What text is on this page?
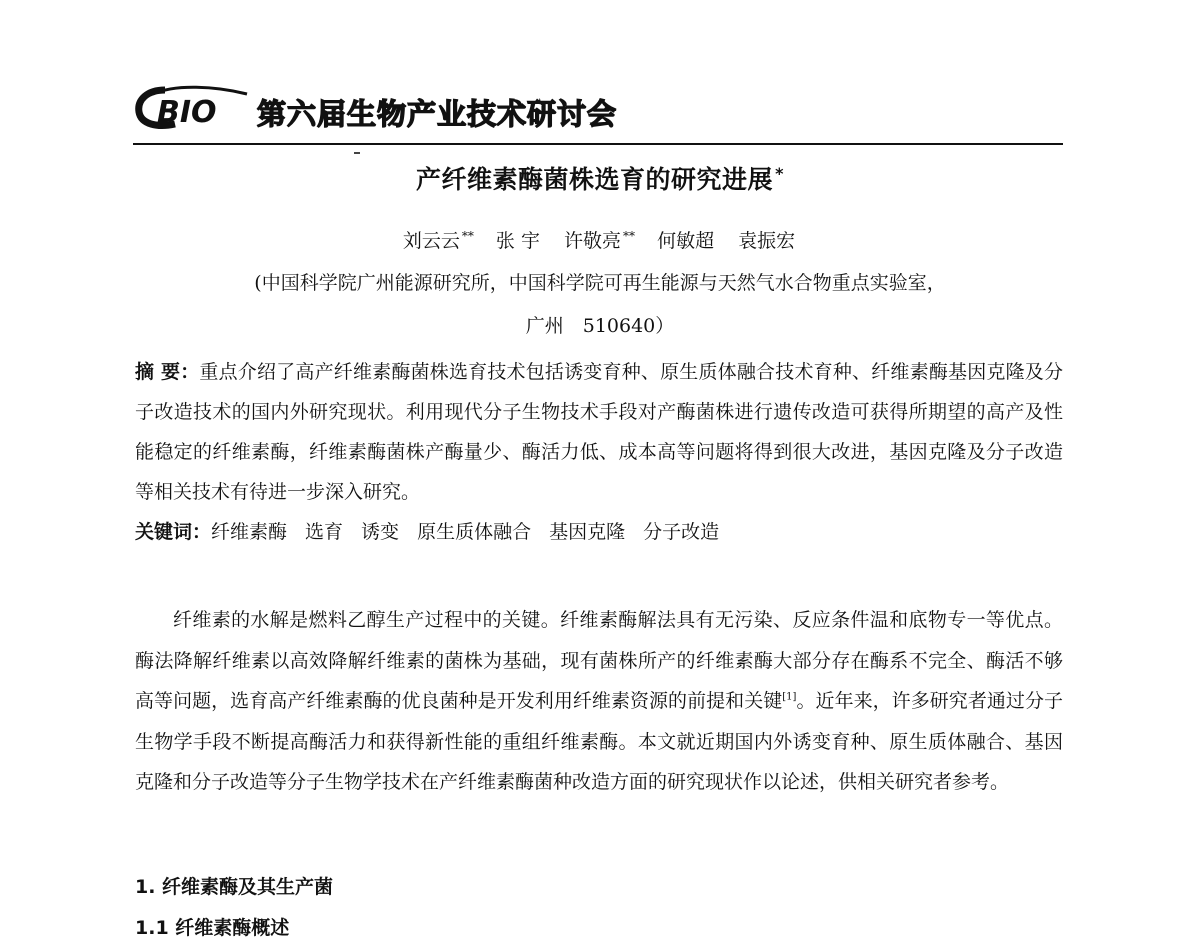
BIO 第六届生物产业技术研讨会
产纤维素酶菌株选育的研究进展 *
刘云云 ** 张 宇 许敬亮 ** 何敏超 袁振宏
(中国科学院广州能源研究所，中国科学院可再生能源与天然气水合物重点实验室，
广州　510640）
摘 要：重点介绍了高产纤维素酶菌株选育技术包括诱变育种、原生质体融合技术育种、纤维素酶基因克隆及分子改造技术的国内外研究现状。利用现代分子生物技术手段对产酶菌株进行遗传改造可获得所期望的高产及性能稳定的纤维素酶，纤维素酶菌株产酶量少、酶活力低、成本高等问题将得到很大改进，基因克隆及分子改造等相关技术有待进一步深入研究。
关键词：纤维素酶 选育 诱变 原生质体融合 基因克隆 分子改造
纤维素的水解是燃料乙醇生产过程中的关键。纤维素酶解法具有无污染、反应条件温和底物专一等优点。酶法降解纤维素以高效降解纤维素的菌株为基础，现有菌株所产的纤维素酶大部分存在酶系不完全、酶活不够高等问题，选育高产纤维素酶的优良菌种是开发利用纤维素资源的前提和关键[1]。近年来，许多研究者通过分子生物学手段不断提高酶活力和获得新性能的重组纤维素酶。本文就近期国内外诱变育种、原生质体融合、基因克隆和分子改造等分子生物学技术在产纤维素酶菌种改造方面的研究现状作以论述，供相关研究者参考。
1. 纤维素酶及其生产菌
1.1 纤维素酶概述
